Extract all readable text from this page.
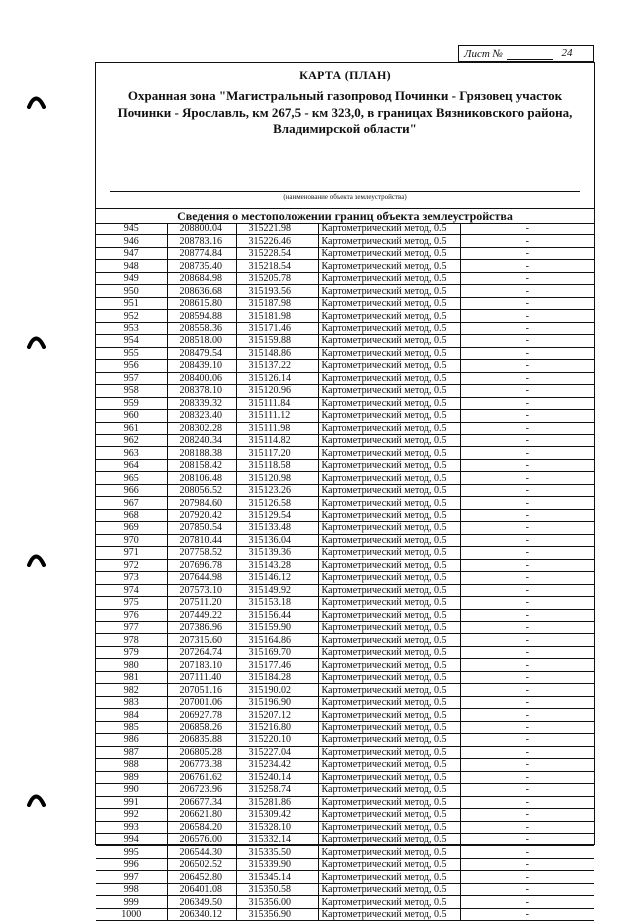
Лист №	24
КАРТА (ПЛАН)
Охранная зона "Магистральный газопровод Починки - Грязовец участок Починки - Ярославль, км 267,5 - км 323,0, в границах Вязниковского района, Владимирской области"
(наименование объекта землеустройства)
Сведения о местоположении границ объекта землеустройства
945	208800.04	315221.98	Картометрический метод, 0.5	-
946	208783.16	315226.46	Картометрический метод, 0.5	-
947	208774.84	315228.54	Картометрический метод, 0.5	-
948	208735.40	315218.54	Картометрический метод, 0.5	-
949	208684.98	315205.78	Картометрический метод, 0.5	-
950	208636.68	315193.56	Картометрический метод, 0.5	-
951	208615.80	315187.98	Картометрический метод, 0.5	-
952	208594.88	315181.98	Картометрический метод, 0.5	-
953	208558.36	315171.46	Картометрический метод, 0.5	-
954	208518.00	315159.88	Картометрический метод, 0.5	-
955	208479.54	315148.86	Картометрический метод, 0.5	-
956	208439.10	315137.22	Картометрический метод, 0.5	-
957	208400.06	315126.14	Картометрический метод, 0.5	-
958	208378.10	315120.96	Картометрический метод, 0.5	-
959	208339.32	315111.84	Картометрический метод, 0.5	-
960	208323.40	315111.12	Картометрический метод, 0.5	-
961	208302.28	315111.98	Картометрический метод, 0.5	-
962	208240.34	315114.82	Картометрический метод, 0.5	-
963	208188.38	315117.20	Картометрический метод, 0.5	-
964	208158.42	315118.58	Картометрический метод, 0.5	-
965	208106.48	315120.98	Картометрический метод, 0.5	-
966	208056.52	315123.26	Картометрический метод, 0.5	-
967	207984.60	315126.58	Картометрический метод, 0.5	-
968	207920.42	315129.54	Картометрический метод, 0.5	-
969	207850.54	315133.48	Картометрический метод, 0.5	-
970	207810.44	315136.04	Картометрический метод, 0.5	-
971	207758.52	315139.36	Картометрический метод, 0.5	-
972	207696.78	315143.28	Картометрический метод, 0.5	-
973	207644.98	315146.12	Картометрический метод, 0.5	-
974	207573.10	315149.92	Картометрический метод, 0.5	-
975	207511.20	315153.18	Картометрический метод, 0.5	-
976	207449.22	315156.44	Картометрический метод, 0.5	-
977	207386.96	315159.90	Картометрический метод, 0.5	-
978	207315.60	315164.86	Картометрический метод, 0.5	-
979	207264.74	315169.70	Картометрический метод, 0.5	-
980	207183.10	315177.46	Картометрический метод, 0.5	-
981	207111.40	315184.28	Картометрический метод, 0.5	-
982	207051.16	315190.02	Картометрический метод, 0.5	-
983	207001.06	315196.90	Картометрический метод, 0.5	-
984	206927.78	315207.12	Картометрический метод, 0.5	-
985	206858.26	315216.80	Картометрический метод, 0.5	-
986	206835.88	315220.10	Картометрический метод, 0.5	-
987	206805.28	315227.04	Картометрический метод, 0.5	-
988	206773.38	315234.42	Картометрический метод, 0.5	-
989	206761.62	315240.14	Картометрический метод, 0.5	-
990	206723.96	315258.74	Картометрический метод, 0.5	-
991	206677.34	315281.86	Картометрический метод, 0.5	-
992	206621.80	315309.42	Картометрический метод, 0.5	-
993	206584.20	315328.10	Картометрический метод, 0.5	-
994	206576.00	315332.14	Картометрический метод, 0.5	-
995	206544.30	315335.50	Картометрический метод, 0.5	-
996	206502.52	315339.90	Картометрический метод, 0.5	-
997	206452.80	315345.14	Картометрический метод, 0.5	-
998	206401.08	315350.58	Картометрический метод, 0.5	-
999	206349.50	315356.00	Картометрический метод, 0.5	-
1000	206340.12	315356.90	Картометрический метод, 0.5	-
